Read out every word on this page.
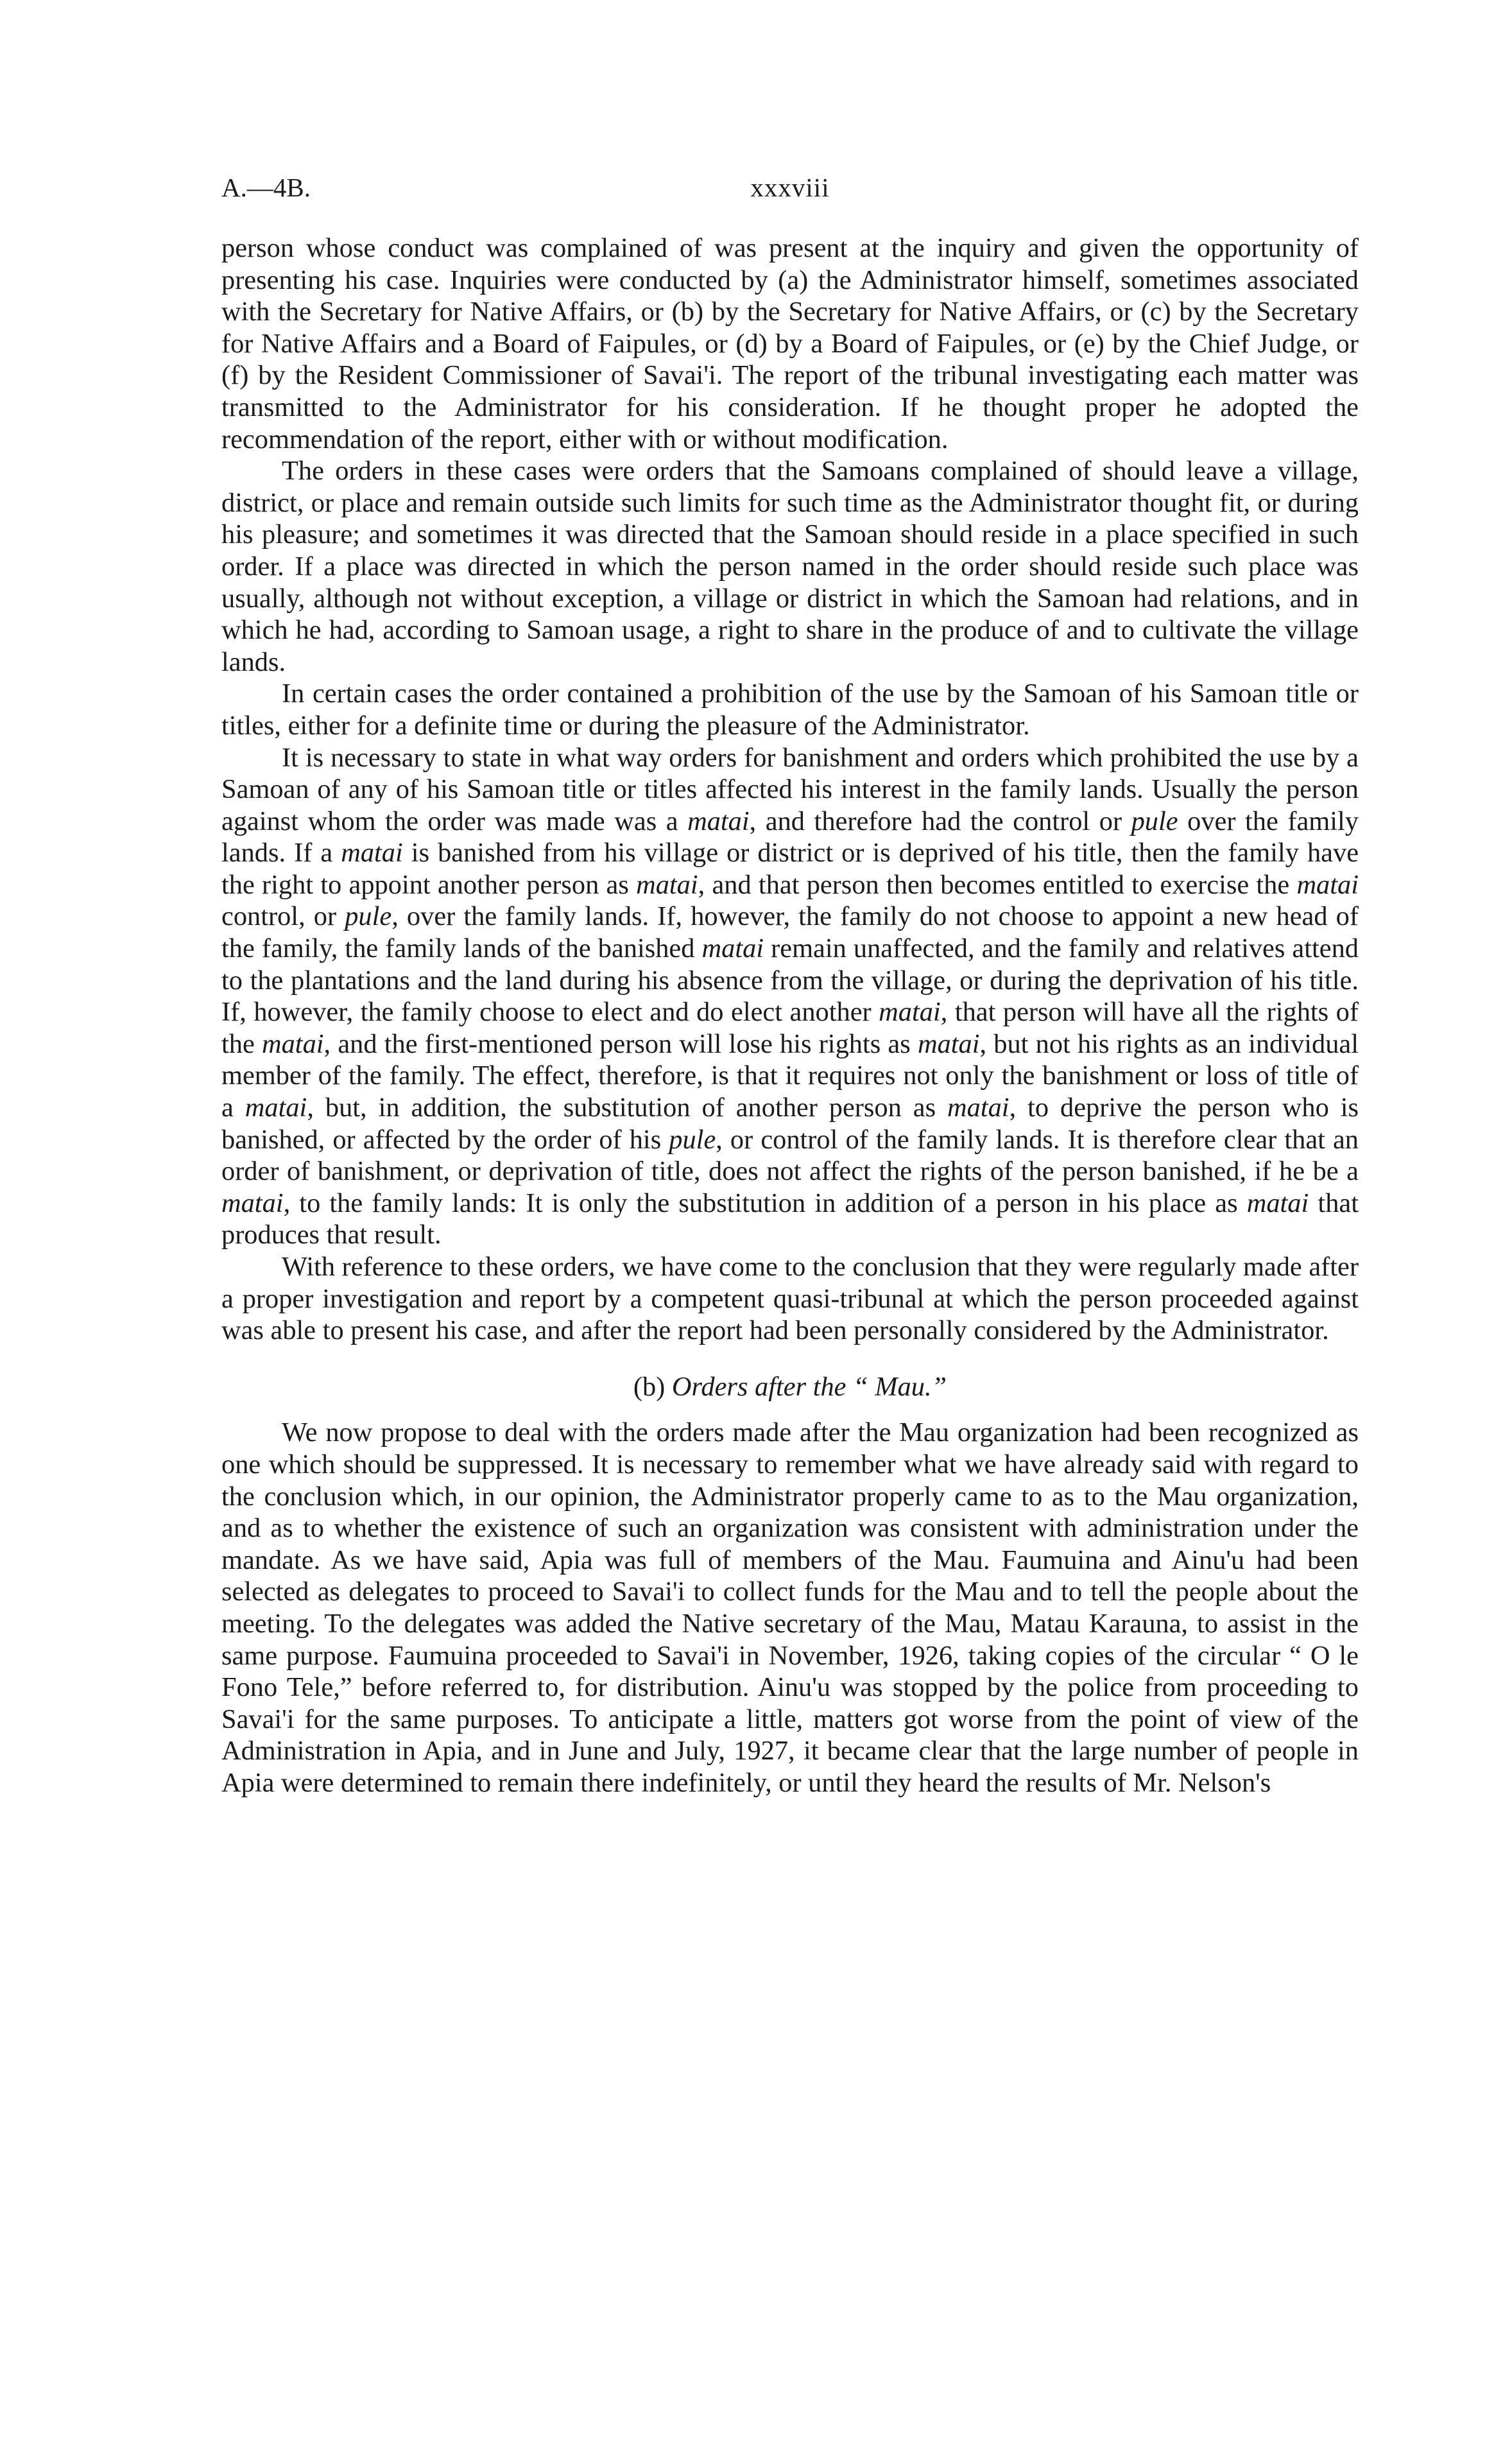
A.—4B.	xxxviii

person whose conduct was complained of was present at the inquiry and given the opportunity of presenting his case. Inquiries were conducted by (a) the Administrator himself, sometimes associated with the Secretary for Native Affairs, or (b) by the Secretary for Native Affairs, or (c) by the Secretary for Native Affairs and a Board of Faipules, or (d) by a Board of Faipules, or (e) by the Chief Judge, or (f) by the Resident Commissioner of Savai'i. The report of the tribunal investigating each matter was transmitted to the Administrator for his consideration. If he thought proper he adopted the recommendation of the report, either with or without modification.

The orders in these cases were orders that the Samoans complained of should leave a village, district, or place and remain outside such limits for such time as the Administrator thought fit, or during his pleasure; and sometimes it was directed that the Samoan should reside in a place specified in such order. If a place was directed in which the person named in the order should reside such place was usually, although not without exception, a village or district in which the Samoan had relations, and in which he had, according to Samoan usage, a right to share in the produce of and to cultivate the village lands.

In certain cases the order contained a prohibition of the use by the Samoan of his Samoan title or titles, either for a definite time or during the pleasure of the Administrator.

It is necessary to state in what way orders for banishment and orders which prohibited the use by a Samoan of any of his Samoan title or titles affected his interest in the family lands. Usually the person against whom the order was made was a matai, and therefore had the control or pule over the family lands. If a matai is banished from his village or district or is deprived of his title, then the family have the right to appoint another person as matai, and that person then becomes entitled to exercise the matai control, or pule, over the family lands. If, however, the family do not choose to appoint a new head of the family, the family lands of the banished matai remain unaffected, and the family and relatives attend to the plantations and the land during his absence from the village, or during the deprivation of his title. If, however, the family choose to elect and do elect another matai, that person will have all the rights of the matai, and the first-mentioned person will lose his rights as matai, but not his rights as an individual member of the family. The effect, therefore, is that it requires not only the banishment or loss of title of a matai, but, in addition, the substitution of another person as matai, to deprive the person who is banished, or affected by the order of his pule, or control of the family lands. It is therefore clear that an order of banishment, or deprivation of title, does not affect the rights of the person banished, if he be a matai, to the family lands: It is only the substitution in addition of a person in his place as matai that produces that result.

With reference to these orders, we have come to the conclusion that they were regularly made after a proper investigation and report by a competent quasi-tribunal at which the person proceeded against was able to present his case, and after the report had been personally considered by the Administrator.

(b) Orders after the “ Mau.”

We now propose to deal with the orders made after the Mau organization had been recognized as one which should be suppressed. It is necessary to remember what we have already said with regard to the conclusion which, in our opinion, the Administrator properly came to as to the Mau organization, and as to whether the existence of such an organization was consistent with administration under the mandate. As we have said, Apia was full of members of the Mau. Faumuina and Ainu'u had been selected as delegates to proceed to Savai'i to collect funds for the Mau and to tell the people about the meeting. To the delegates was added the Native secretary of the Mau, Matau Karauna, to assist in the same purpose. Faumuina proceeded to Savai'i in November, 1926, taking copies of the circular “ O le Fono Tele,” before referred to, for distribution. Ainu'u was stopped by the police from proceeding to Savai'i for the same purposes. To anticipate a little, matters got worse from the point of view of the Administration in Apia, and in June and July, 1927, it became clear that the large number of people in Apia were determined to remain there indefinitely, or until they heard the results of Mr. Nelson's
